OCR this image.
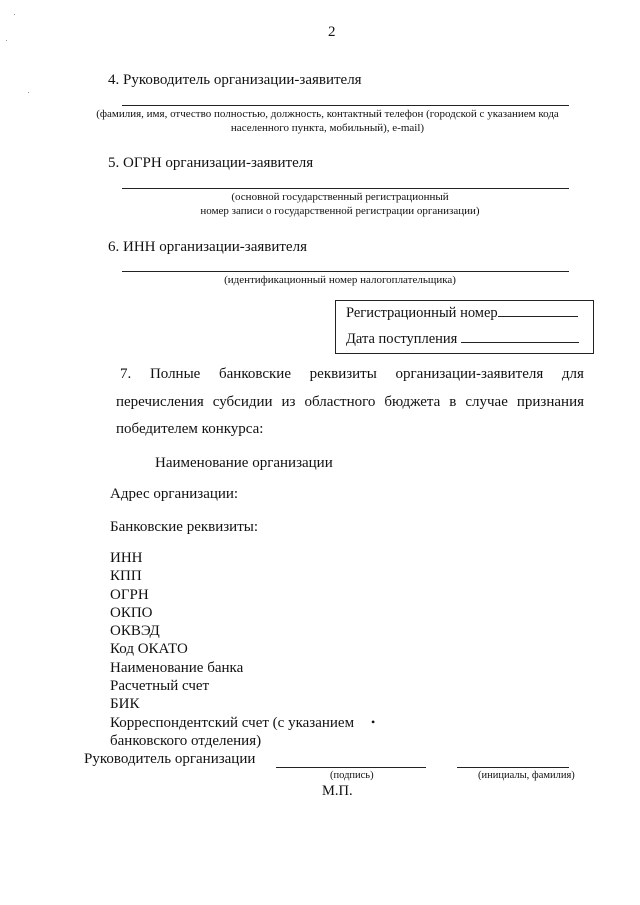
2
4. Руководитель организации-заявителя
(фамилия, имя, отчество полностью, должность, контактный телефон (городской с указанием кода
населенного пункта, мобильный), e-mail)
5. ОГРН организации-заявителя
(основной государственный регистрационный
номер записи о государственной регистрации организации)
6. ИНН организации-заявителя
(идентификационный номер налогоплательщика)
Регистрационный номер
Дата поступления
7. Полные банковские реквизиты организации-заявителя для
перечисления субсидии из областного бюджета в случае признания
победителем конкурса:
Наименование организации
Адрес организации:
Банковские реквизиты:
ИНН
КПП
ОГРН
ОКПО
ОКВЭД
Код ОКАТО
Наименование банка
Расчетный счет
БИК
Корреспондентский счет (с указанием
банковского отделения)
•
Руководитель организации
(подпись)	(инициалы, фамилия)
М.П.
